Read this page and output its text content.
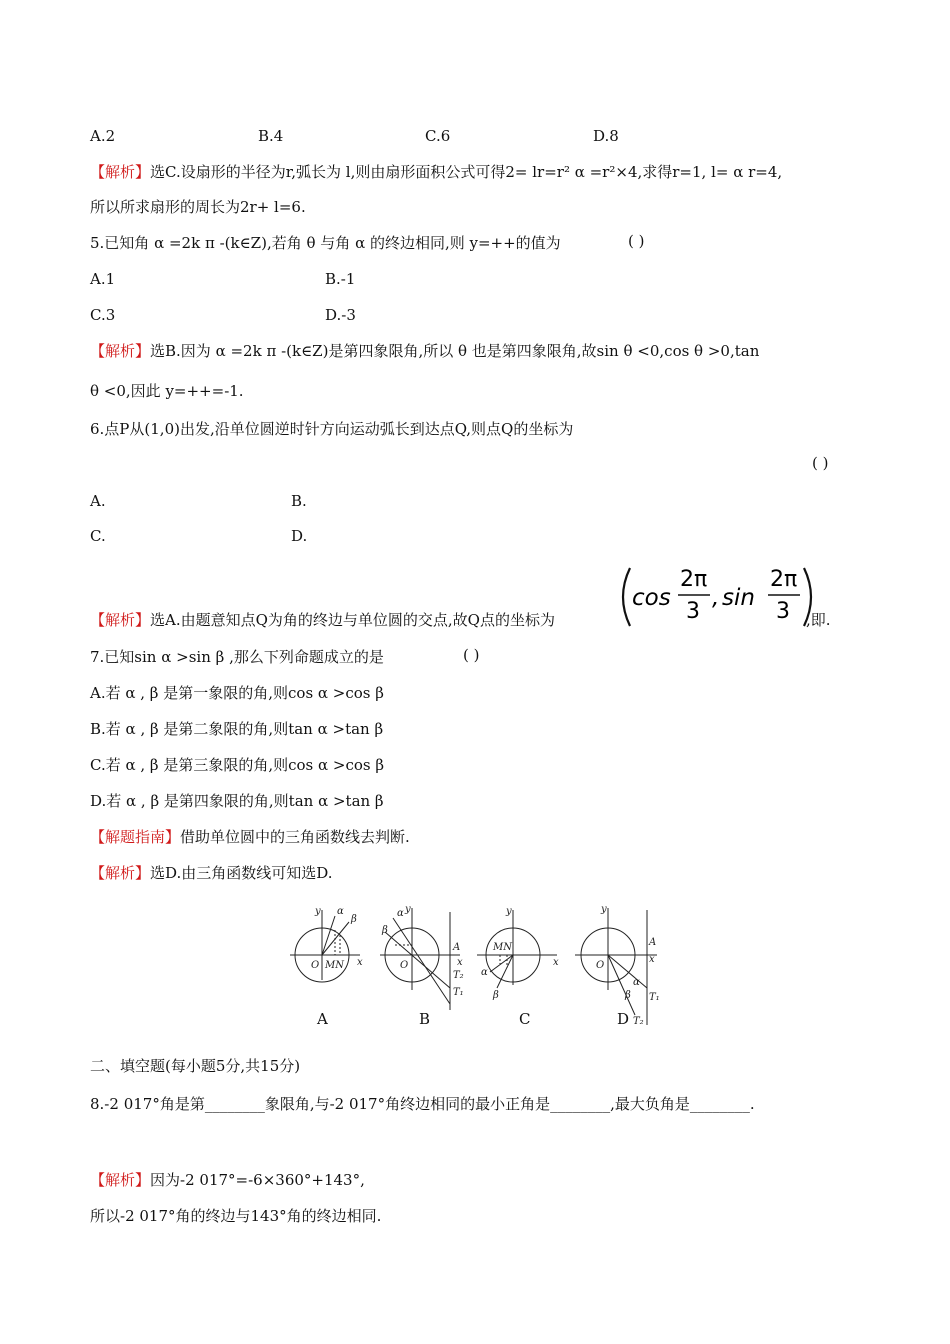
A.2	B.4	C.6	D.8
【解析】选C.设扇形的半径为r,弧长为 l,则由扇形面积公式可得2= lr=r² α =r²×4,求得r=1, l= α r=4,
所以所求扇形的周长为2r+ l=6.
5.已知角 α =2k π -(k∈Z),若角 θ 与角 α 的终边相同,则 y=++的值为	( )
A.1	B.-1
C.3	D.-3
【解析】选B.因为 α =2k π -(k∈Z)是第四象限角,所以 θ 也是第四象限角,故sin θ <0,cos θ >0,tan
θ <0,因此 y=++=-1.
6.点P从(1,0)出发,沿单位圆逆时针方向运动弧长到达点Q,则点Q的坐标为
( )
A.	B.
C.	D.
【解析】选A.由题意知点Q为角的终边与单位圆的交点,故Q点的坐标为
cos
2π
3
, sin
2π
3 ,即.
7.已知sin α >sin β ,那么下列命题成立的是	( )
A.若 α , β 是第一象限的角,则cos α >cos β
B.若 α , β 是第二象限的角,则tan α >tan β
C.若 α , β 是第三象限的角,则cos α >cos β
D.若 α , β 是第四象限的角,则tan α >tan β
【解题指南】借助单位圆中的三角函数线去判断.
【解析】选D.由三角函数线可知选D.
y α
β
O MN x
y
α
β
O
A
x
T₂
T₁
y
MN
α
β
x
y
O
A
x
α
β T₁
T₂
A	B	C	D
二、填空题(每小题5分,共15分)
8.-2 017°角是第________象限角,与-2 017°角终边相同的最小正角是________,最大负角是________.
【解析】因为-2 017°=-6×360°+143°,
所以-2 017°角的终边与143°角的终边相同.
